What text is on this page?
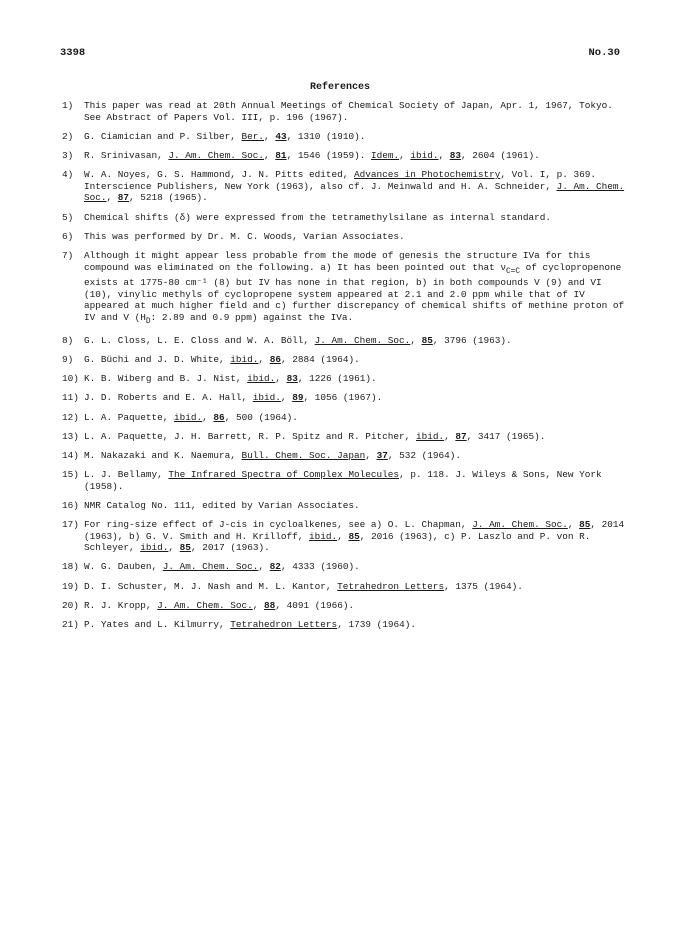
3398	No.30
References
1)	This paper was read at 20th Annual Meetings of Chemical Society of Japan, Apr. 1, 1967, Tokyo. See Abstract of Papers Vol. III, p. 196 (1967).
2)	G. Ciamician and P. Silber, Ber., 43, 1310 (1910).
3)	R. Srinivasan, J. Am. Chem. Soc., 81, 1546 (1959). Idem., ibid., 83, 2604 (1961).
4)	W. A. Noyes, G. S. Hammond, J. N. Pitts edited, Advances in Photochemistry, Vol. I, p. 369. Interscience Publishers, New York (1963), also cf. J. Meinwald and H. A. Schneider, J. Am. Chem. Soc., 87, 5218 (1965).
5)	Chemical shifts (δ) were expressed from the tetramethylsilane as internal standard.
6)	This was performed by Dr. M. C. Woods, Varian Associates.
7)	Although it might appear less probable from the mode of genesis the structure IVa for this compound was eliminated on the following. a) It has been pointed out that $\nu_{C=C}$ of cyclopropenone exists at 1775-80 cm⁻¹ (8) but IV has none in that region, b) in both compounds V (9) and VI (10), vinylic methyls of cyclopropene system appeared at 2.1 and 2.0 ppm while that of IV appeared at much higher field and c) further discrepancy of chemical shifts of methine proton of IV and V ($H_D$: 2.89 and 0.9 ppm) against the IVa.
8)	G. L. Closs, L. E. Closs and W. A. Böll, J. Am. Chem. Soc., 85, 3796 (1963).
9)	G. Büchi and J. D. White, ibid., 86, 2884 (1964).
10) K. B. Wiberg and B. J. Nist, ibid., 83, 1226 (1961).
11) J. D. Roberts and E. A. Hall, ibid., 89, 1056 (1967).
12) L. A. Paquette, ibid., 86, 500 (1964).
13) L. A. Paquette, J. H. Barrett, R. P. Spitz and R. Pitcher, ibid., 87, 3417 (1965).
14) M. Nakazaki and K. Naemura, Bull. Chem. Soc. Japan, 37, 532 (1964).
15) L. J. Bellamy, The Infrared Spectra of Complex Molecules, p. 118. J. Wileys & Sons, New York (1958).
16) NMR Catalog No. 111, edited by Varian Associates.
17) For ring-size effect of J-cis in cycloalkenes, see a) O. L. Chapman, J. Am. Chem. Soc., 85, 2014 (1963), b) G. V. Smith and H. Krilloff, ibid., 85, 2016 (1963), c) P. Laszlo and P. von R. Schleyer, ibid., 85, 2017 (1963).
18) W. G. Dauben, J. Am. Chem. Soc., 82, 4333 (1960).
19) D. I. Schuster, M. J. Nash and M. L. Kantor, Tetrahedron Letters, 1375 (1964).
20) R. J. Kropp, J. Am. Chem. Soc., 88, 4091 (1966).
21) P. Yates and L. Kilmurry, Tetrahedron Letters, 1739 (1964).
